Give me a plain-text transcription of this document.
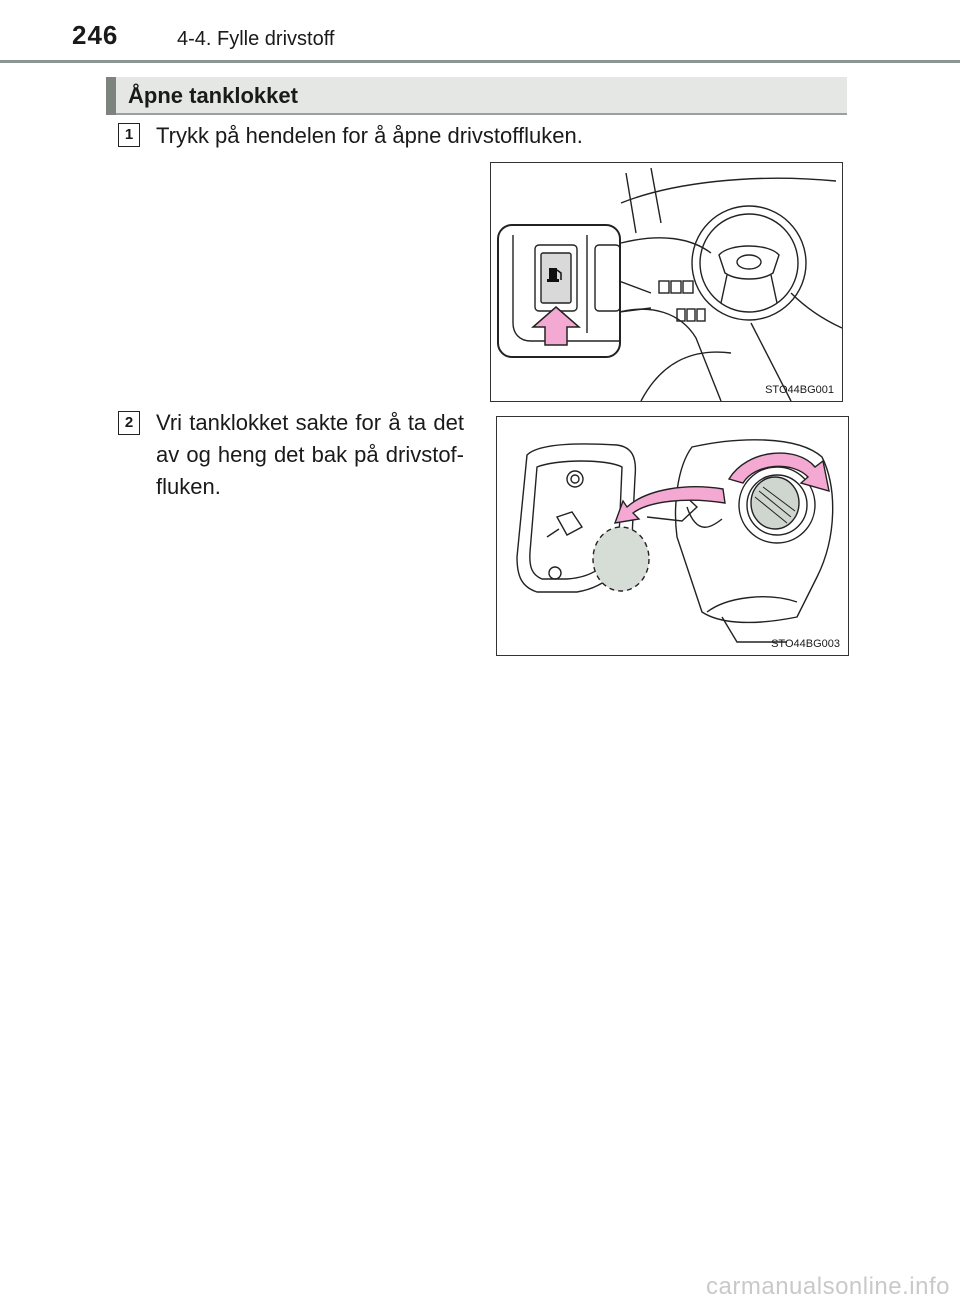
246	4-4. Fylle drivstoff
Åpne tanklokket
1	Trykk på hendelen for å åpne drivstoffluken.
STO44BG001
2	Vri tanklokket sakte for å ta det av og heng det bak på drivstof-fluken.
STO44BG003
carmanualsonline.info
